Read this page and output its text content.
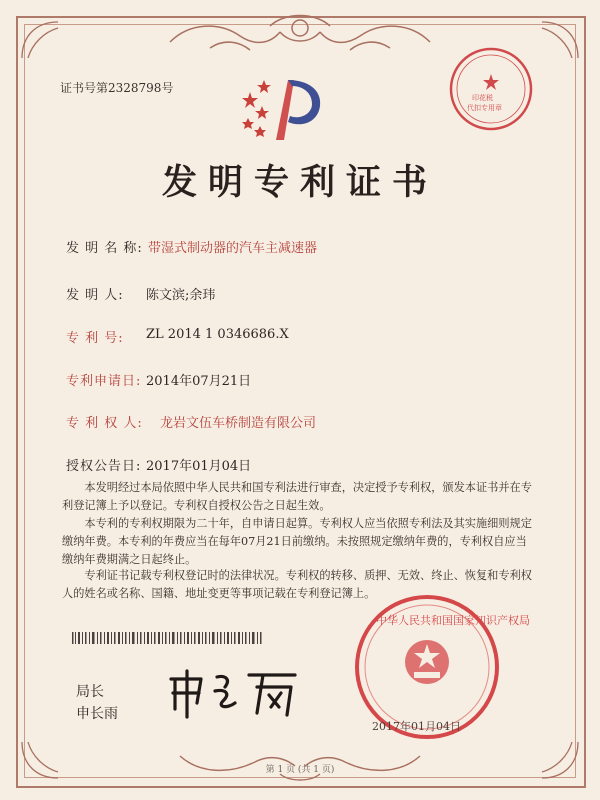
证书号第2328798号
印花税
代扣专用章
发明专利证书
发 明 名 称: 带湿式制动器的汽车主减速器
发 明 人: 陈文滨;余玮
专 利 号: ZL 2014 1 0346686.X
专利申请日: 2014年07月21日
专 利 权 人: 龙岩文伍车桥制造有限公司
授权公告日: 2017年01月04日
本发明经过本局依照中华人民共和国专利法进行审查，决定授予专利权，颁发本证书并在专利登记簿上予以登记。专利权自授权公告之日起生效。
本专利的专利权期限为二十年，自申请日起算。专利权人应当依照专利法及其实施细则规定缴纳年费。本专利的年费应当在每年07月21日前缴纳。未按照规定缴纳年费的，专利权自应当缴纳年费期满之日起终止。
专利证书记载专利权登记时的法律状况。专利权的转移、质押、无效、终止、恢复和专利权人的姓名或名称、国籍、地址变更等事项记载在专利登记簿上。
局长
申长雨
中华人民共和国国家知识产权局
2017年01月04日
第 1 页 (共 1 页)
